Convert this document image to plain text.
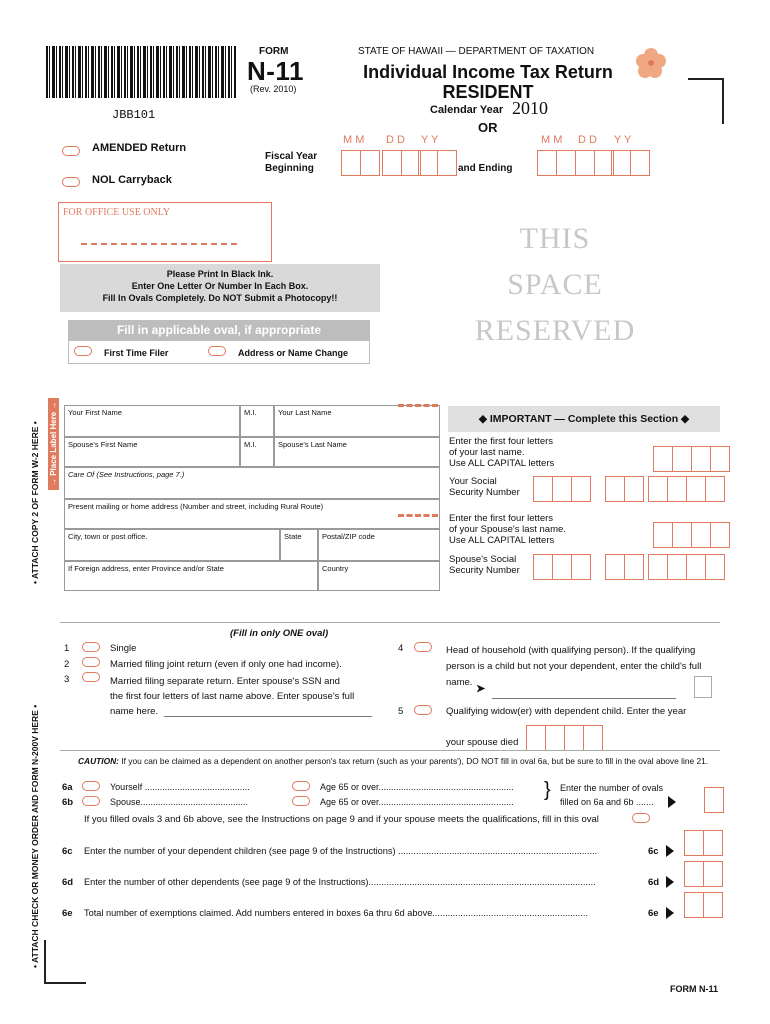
FORM
N-11
(Rev. 2010)
STATE OF HAWAII — DEPARTMENT OF TAXATION
Individual Income Tax Return
RESIDENT
JBB101	Calendar Year 2010
OR
AMENDED Return
NOL Carryback
Fiscal Year
Beginning
M M D D Y Y
and Ending
M M D D Y Y
FOR OFFICE USE ONLY
THIS
SPACE
RESERVED
Please Print In Black Ink.
Enter One Letter Or Number In Each Box.
Fill In Ovals Completely. Do NOT Submit a Photocopy!!
Fill in applicable oval, if appropriate
First Time Filer	Address or Name Change
• ATTACH COPY 2 OF FORM W-2 HERE •
• ATTACH CHECK OR MONEY ORDER AND FORM N-200V HERE •
→ Place Label Here →	Your First Name	M.I.	Your Last Name
Spouse's First Name	M.I.	Spouse's Last Name
Care Of (See Instructions, page 7.)
Present mailing or home address (Number and street, including Rural Route)
City, town or post office.	State	Postal/ZIP code
If Foreign address, enter Province and/or State	Country
◆ IMPORTANT — Complete this Section ◆
Enter the first four letters
of your last name.
Use ALL CAPITAL letters
Your Social
Security Number
Enter the first four letters
of your Spouse's last name.
Use ALL CAPITAL letters
Spouse's Social
Security Number
(Fill in only ONE oval)
1	Single
2	Married filing joint return (even if only one had income).
3	Married filing separate return. Enter spouse's SSN and
the first four letters of last name above. Enter spouse's full
name here.
4	Head of household (with qualifying person). If the qualifying
person is a child but not your dependent, enter the child's full
name.
➤
5	Qualifying widow(er) with dependent child. Enter the year
your spouse died
CAUTION: If you can be claimed as a dependent on another person's tax return (such as your parents'), DO NOT fill in oval 6a, but be sure to fill in the oval above line 21.
6a	Yourself ..........................................	Age 65 or over......................................................
6b	Spouse...........................................	Age 65 or over......................................................
} Enter the number of ovals
filled on 6a and 6b .......
If you filled ovals 3 and 6b above, see the Instructions on page 9 and if your spouse meets the qualifications, fill in this oval
6c Enter the number of your dependent children (see page 9 of the Instructions) ..............................................................................	6c
6d Enter the number of other dependents (see page 9 of the Instructions).........................................................................................	6d
6e Total number of exemptions claimed. Add numbers entered in boxes 6a thru 6d above.............................................................	6e
FORM N-11
